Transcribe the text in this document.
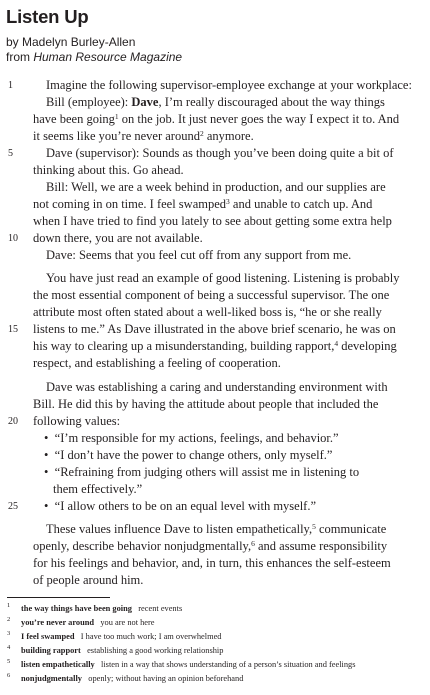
Listen Up
by Madelyn Burley-Allen
from Human Resource Magazine
1
5
10
15
20
25
Imagine the following supervisor-employee exchange at your workplace:
Bill (employee): Dave, I’m really discouraged about the way things
have been going$^1$ on the job. It just never goes the way I expect it to. And
it seems like you’re never around$^2$ anymore.
Dave (supervisor): Sounds as though you’ve been doing quite a bit of
thinking about this. Go ahead.
Bill: Well, we are a week behind in production, and our supplies are
not coming in on time. I feel swamped$^3$ and unable to catch up. And
when I have tried to find you lately to see about getting some extra help
down there, you are not available.
Dave: Seems that you feel cut off from any support from me.
You have just read an example of good listening. Listening is probably
the most essential component of being a successful supervisor. The one
attribute most often stated about a well-liked boss is, “he or she really
listens to me.” As Dave illustrated in the above brief scenario, he was on
his way to clearing up a misunderstanding, building rapport,$^4$ developing
respect, and establishing a feeling of cooperation.
Dave was establishing a caring and understanding environment with
Bill. He did this by having the attitude about people that included the
following values:
• “I’m responsible for my actions, feelings, and behavior.”
• “I don’t have the power to change others, only myself.”
• “Refraining from judging others will assist me in listening to
them effectively.”
• “I allow others to be on an equal level with myself.”
These values influence Dave to listen empathetically,$^5$ communicate
openly, describe behavior nonjudgmentally,$^6$ and assume responsibility
for his feelings and behavior, and, in turn, this enhances the self-esteem
of people around him.
1 the way things have been going recent events
2 you’re never around you are not here
3 I feel swamped I have too much work; I am overwhelmed
4 building rapport establishing a good working relationship
5 listen empathetically listen in a way that shows understanding of a person’s situation and feelings
6 nonjudgmentally openly; without having an opinion beforehand
